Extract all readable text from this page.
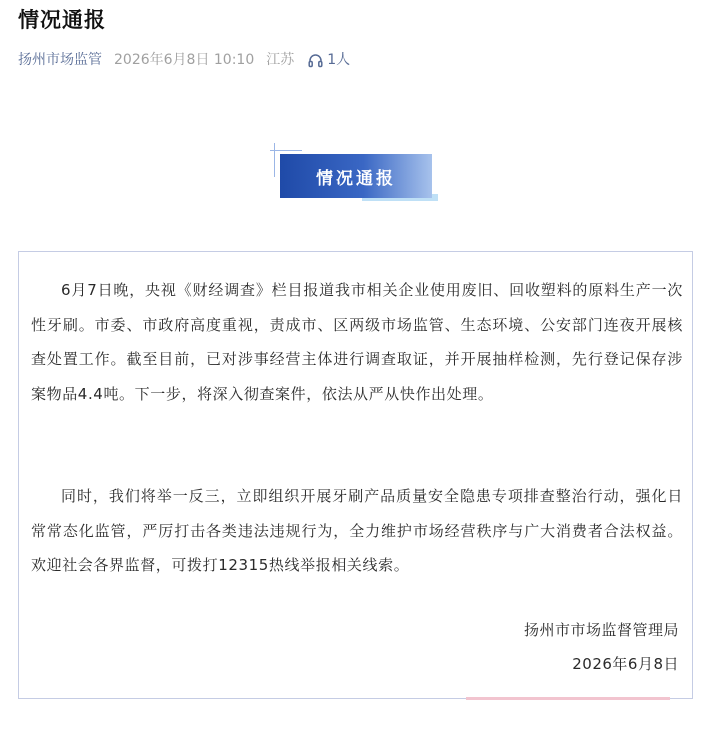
情况通报
扬州市场监管 2026年6月8日 10:10 江苏 1人
情况通报

6月7日晚，央视《财经调查》栏目报道我市相关企业使用废旧、回收塑料的原料生产一次性牙刷。市委、市政府高度重视，责成市、区两级市场监管、生态环境、公安部门连夜开展核查处置工作。截至目前，已对涉事经营主体进行调查取证，并开展抽样检测，先行登记保存涉案物品4.4吨。下一步，将深入彻查案件，依法从严从快作出处理。

同时，我们将举一反三，立即组织开展牙刷产品质量安全隐患专项排查整治行动，强化日常常态化监管，严厉打击各类违法违规行为，全力维护市场经营秩序与广大消费者合法权益。欢迎社会各界监督，可拨打12315热线举报相关线索。

扬州市市场监督管理局
2026年6月8日
